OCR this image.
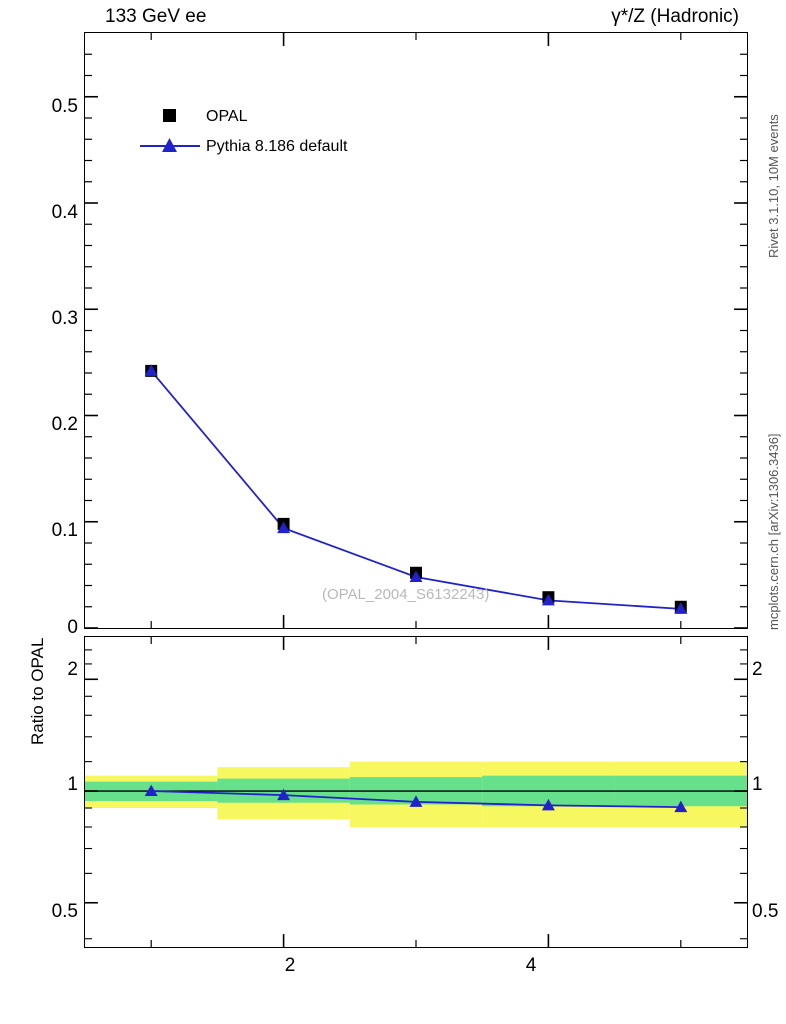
133 GeV ee	γ*/Z (Hadronic)
Rivet 3.1.10, 10M events
mcplots.cern.ch [arXiv:1306.3436]
0
0.1
0.2
0.3
0.4
0.5	OPAL
Pythia 8.186 default
(OPAL_2004_S6132243)
Ratio to OPAL	2
1
0.5
2
1
0.5
2	4
